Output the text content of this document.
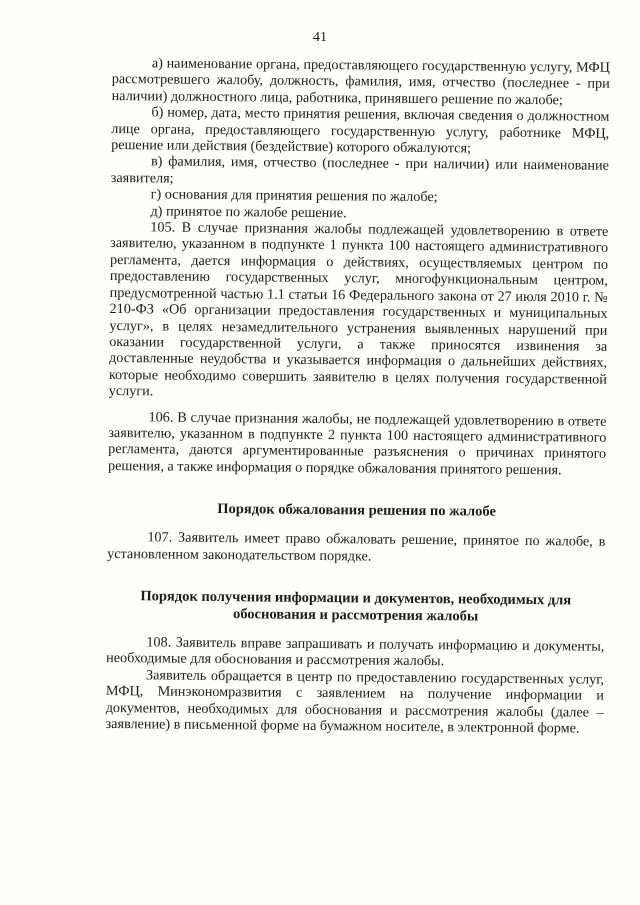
41

а) наименование органа, предоставляющего государственную услугу, МФЦ рассмотревшего жалобу, должность, фамилия, имя, отчество (последнее - при наличии) должностного лица, работника, принявшего решение по жалобе;

б) номер, дата, место принятия решения, включая сведения о должностном лице органа, предоставляющего государственную услугу, работнике МФЦ, решение или действия (бездействие) которого обжалуются;

в) фамилия, имя, отчество (последнее - при наличии) или наименование заявителя;

г) основания для принятия решения по жалобе;

д) принятое по жалобе решение.

105. В случае признания жалобы подлежащей удовлетворению в ответе заявителю, указанном в подпункте 1 пункта 100 настоящего административного регламента, дается информация о действиях, осуществляемых центром по предоставлению государственных услуг, многофункциональным центром, предусмотренной частью 1.1 статьи 16 Федерального закона от 27 июля 2010 г. № 210-ФЗ «Об организации предоставления государственных и муниципальных услуг», в целях незамедлительного устранения выявленных нарушений при оказании государственной услуги, а также приносятся извинения за доставленные неудобства и указывается информация о дальнейших действиях, которые необходимо совершить заявителю в целях получения государственной услуги.

106. В случае признания жалобы, не подлежащей удовлетворению в ответе заявителю, указанном в подпункте 2 пункта 100 настоящего административного регламента, даются аргументированные разъяснения о причинах принятого решения, а также информация о порядке обжалования принятого решения.

Порядок обжалования решения по жалобе

107. Заявитель имеет право обжаловать решение, принятое по жалобе, в установленном законодательством порядке.

Порядок получения информации и документов, необходимых для обоснования и рассмотрения жалобы

108. Заявитель вправе запрашивать и получать информацию и документы, необходимые для обоснования и рассмотрения жалобы.

Заявитель обращается в центр по предоставлению государственных услуг, МФЦ, Минэкономразвития с заявлением на получение информации и документов, необходимых для обоснования и рассмотрения жалобы (далее – заявление) в письменной форме на бумажном носителе, в электронной форме.
